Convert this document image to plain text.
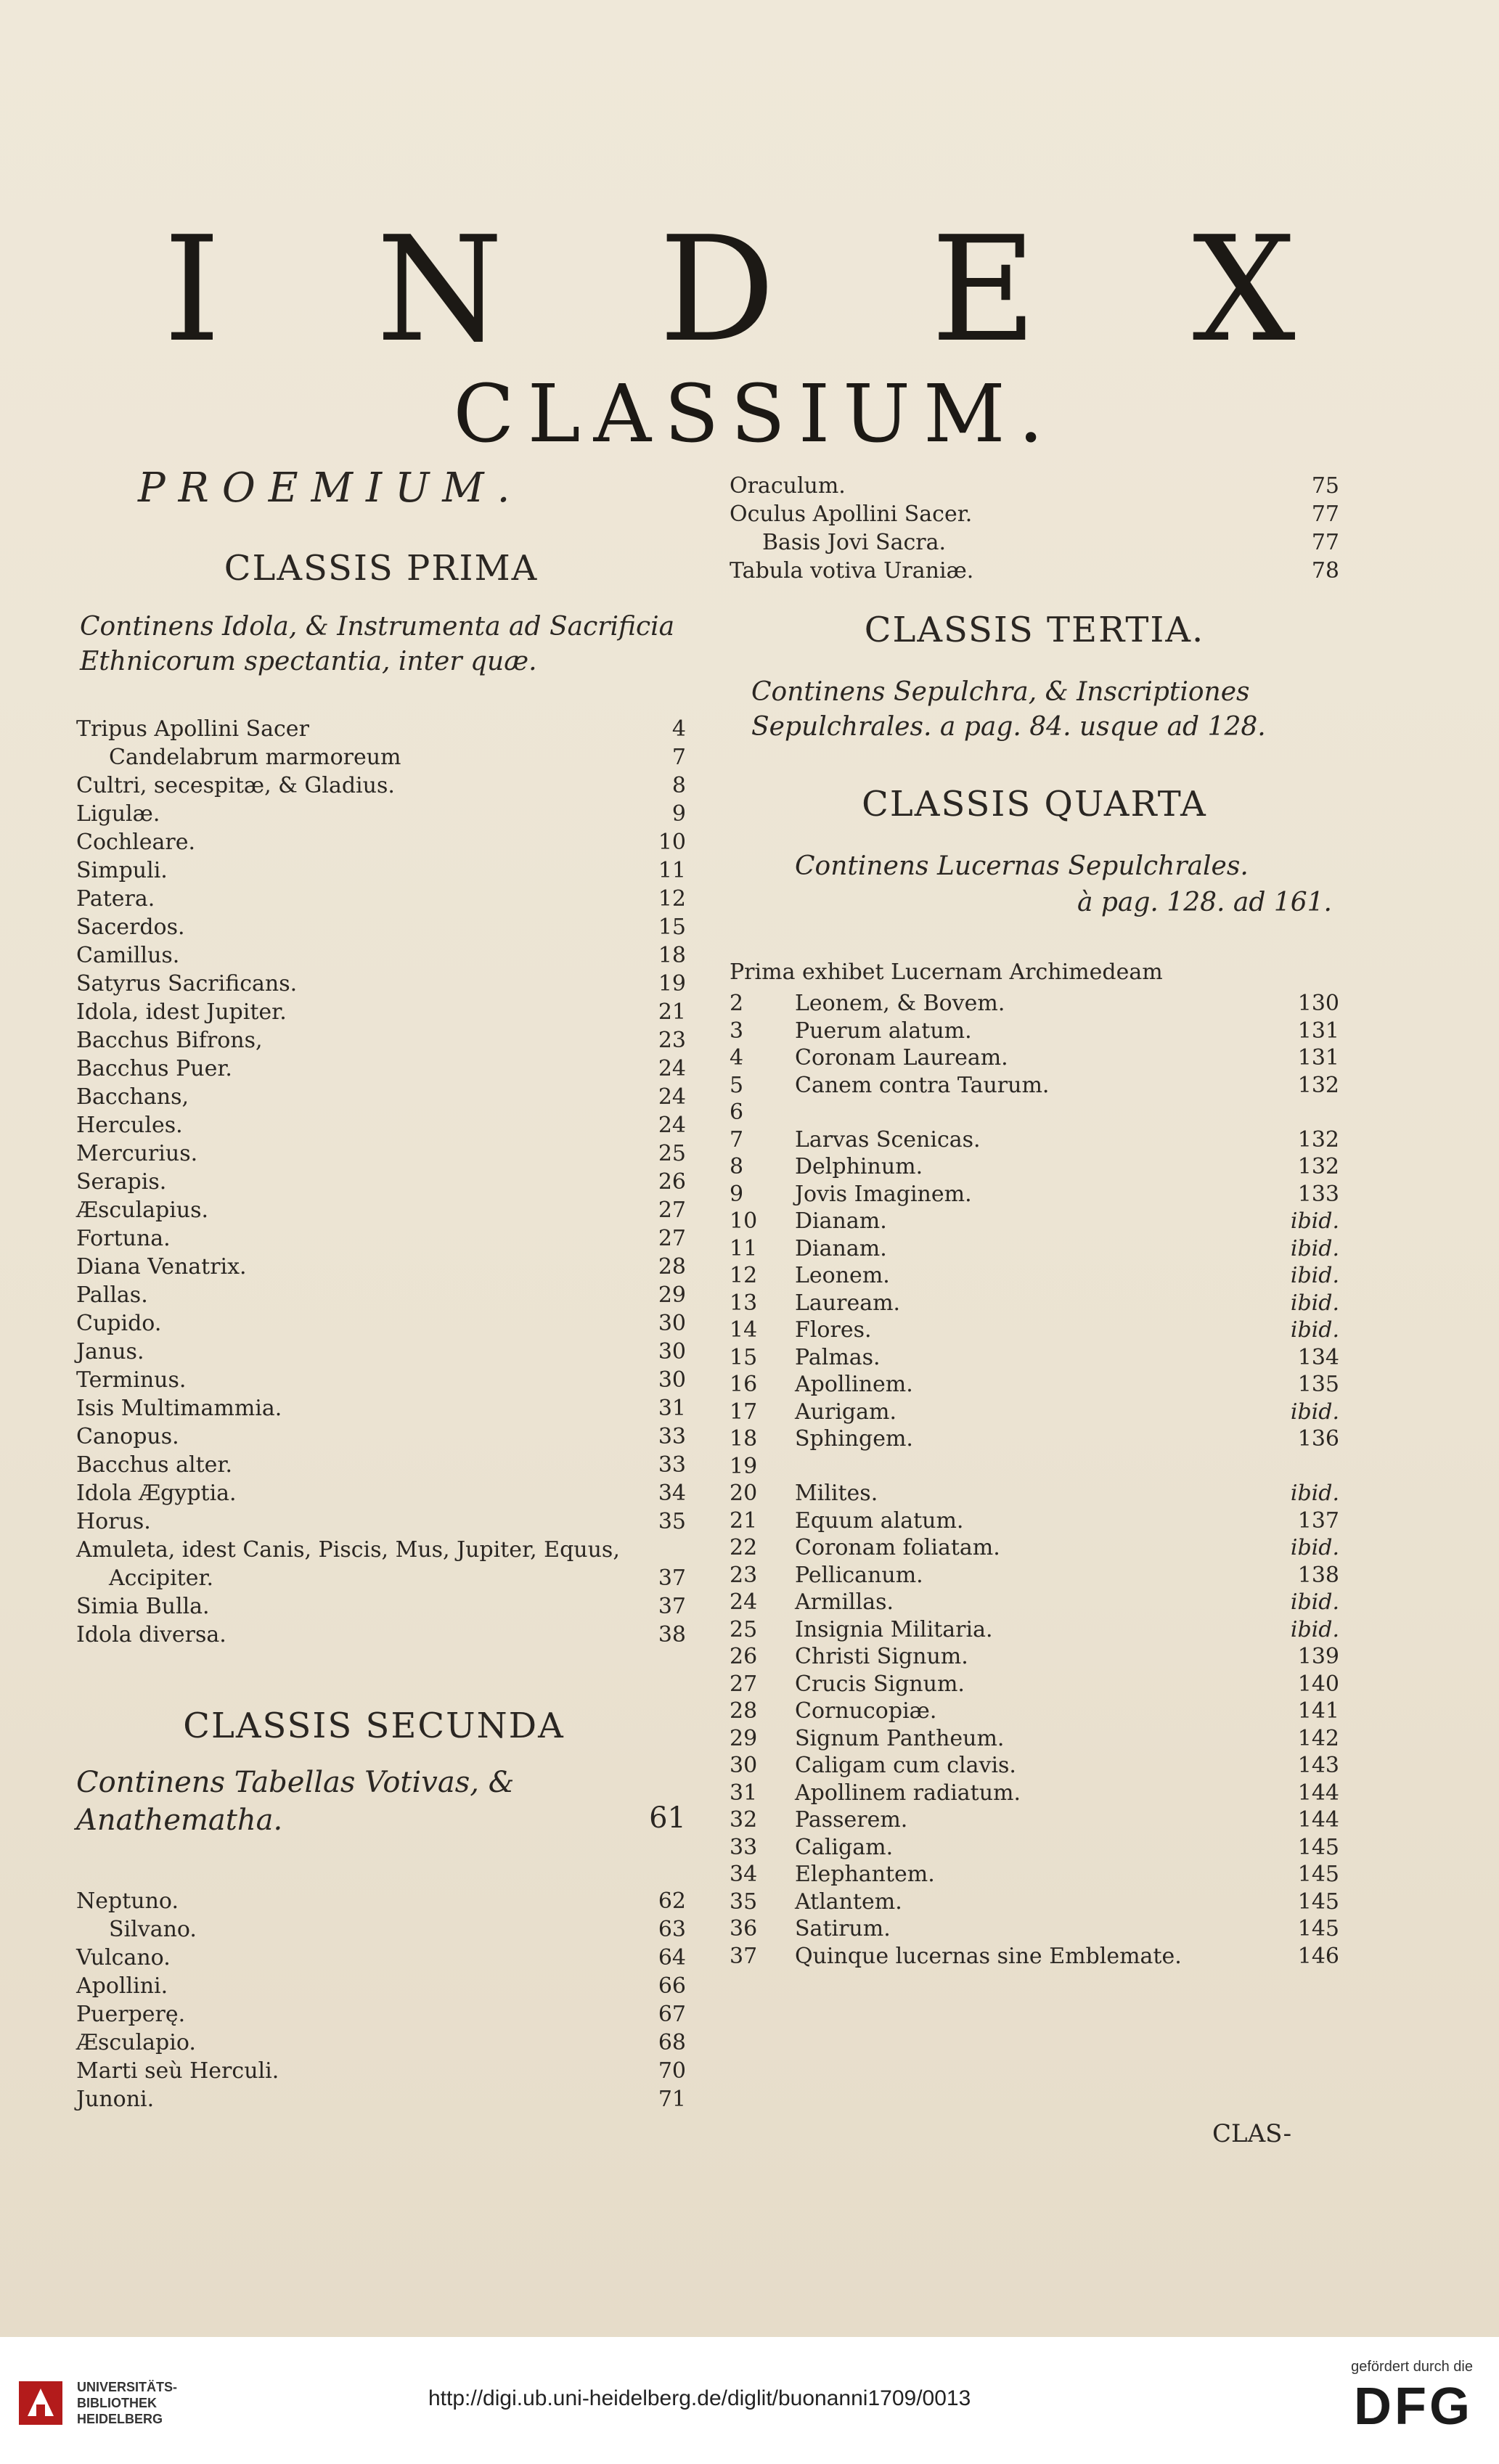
I N D E X
CLASSIUM.
PROEMIUM.
CLASSIS PRIMA
Continens Idola, & Instrumenta ad Sacrificia Ethnicorum spectantia, inter quæ.
Tripus Apollini Sacer	4
Candelabrum marmoreum	7
Cultri, secespitæ, & Gladius.	8
Ligulæ.	9
Cochleare.	10
Simpuli.	11
Patera.	12
Sacerdos.	15
Camillus.	18
Satyrus Sacrificans.	19
Idola, idest Jupiter.	21
Bacchus Bifrons,	23
Bacchus Puer.	24
Bacchans,	24
Hercules.	24
Mercurius.	25
Serapis.	26
Æsculapius.	27
Fortuna.	27
Diana Venatrix.	28
Pallas.	29
Cupido.	30
Janus.	30
Terminus.	30
Isis Multimammia.	31
Canopus.	33
Bacchus alter.	33
Idola Ægyptia.	34
Horus.	35
Amuleta, idest Canis, Piscis, Mus, Jupiter, Equus,
Accipiter.	37
Simia Bulla.	37
Idola diversa.	38
CLASSIS SECUNDA
Continens Tabellas Votivas, & Anathematha.	61
Neptuno.	62
Silvano.	63
Vulcano.	64
Apollini.	66
Puerperę.	67
Æsculapio.	68
Marti seù Herculi.	70
Junoni.	71
Oraculum.	75
Oculus Apollini Sacer.	77
Basis Jovi Sacra.	77
Tabula votiva Uraniæ.	78
CLASSIS TERTIA.
Continens Sepulchra, & Inscriptiones Sepulchrales. a pag. 84. usque ad 128.
CLASSIS QUARTA
Continens Lucernas Sepulchrales.
à pag. 128. ad 161.
Prima exhibet Lucernam Archimedeam
2	Leonem, & Bovem.	130
3	Puerum alatum.	131
4	Coronam Lauream.	131
5	Canem contra Taurum.	132
6
7	Larvas Scenicas.	132
8	Delphinum.	132
9	Jovis Imaginem.	133
10	Dianam.	ibid.
11	Dianam.	ibid.
12	Leonem.	ibid.
13	Lauream.	ibid.
14	Flores.	ibid.
15	Palmas.	134
16	Apollinem.	135
17	Aurigam.	ibid.
18	Sphingem.	136
19
20	Milites.	ibid.
21	Equum alatum.	137
22	Coronam foliatam.	ibid.
23	Pellicanum.	138
24	Armillas.	ibid.
25	Insignia Militaria.	ibid.
26	Christi Signum.	139
27	Crucis Signum.	140
28	Cornucopiæ.	141
29	Signum Pantheum.	142
30	Caligam cum clavis.	143
31	Apollinem radiatum.	144
32	Passerem.	144
33	Caligam.	145
34	Elephantem.	145
35	Atlantem.	145
36	Satirum.	145
37	Quinque lucernas sine Emblemate.	146
CLAS-
UNIVERSITÄTS-
BIBLIOTHEK
HEIDELBERG
http://digi.ub.uni-heidelberg.de/diglit/buonanni1709/0013
gefördert durch die
DFG
